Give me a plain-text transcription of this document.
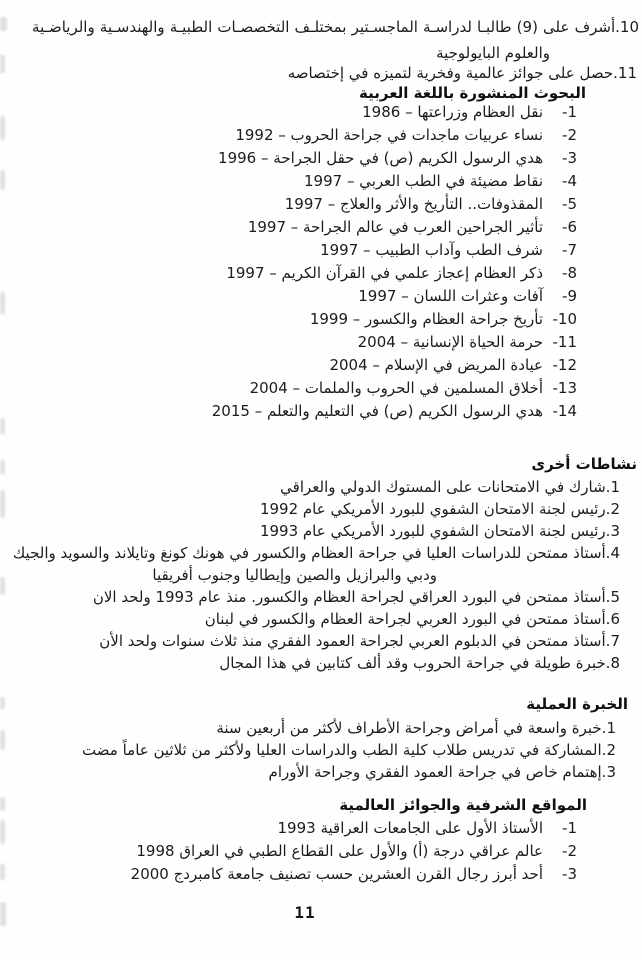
10.أشرف على (9) طالبـا لدراسـة الماجسـتير بمختلـف التخصصـات الطبيـة والهندسـية والرياضـية
والعلوم البايولوجية
11.حصل على جوائز عالمية وفخرية لتميزه في إختصاصه
البحوث المنشورة باللغة العربية
1-
نقل العظام وزراعتها – 1986
2-
نساء عربيات ماجدات في جراحة الحروب – 1992
3-
هدي الرسول الكريم (ص) في حقل الجراحة – 1996
4-
نقاط مضيئة في الطب العربي – 1997
5-
المقذوفات.. التأريخ والأثر والعلاج – 1997
6-
تأثير الجراحين العرب في عالم الجراحة – 1997
7-
شرف الطب وآداب الطبيب – 1997
8-
ذكر العظام إعجاز علمي في القرآن الكريم – 1997
9-
آفات وعثرات اللسان – 1997
10-
تأريخ جراحة العظام والكسور – 1999
11-
حرمة الحياة الإنسانية – 2004
12-
عيادة المريض في الإسلام – 2004
13-
أخلاق المسلمين في الحروب والملمات – 2004
14-
هدي الرسول الكريم (ص) في التعليم والتعلم – 2015
نشاطات أخرى
1.شارك في الامتحانات على المستوك الدولي والعراقي
2.رئيس لجنة الامتحان الشفوي للبورد الأمريكي عام 1992
3.رئيس لجنة الامتحان الشفوي للبورد الأمريكي عام 1993
4.أستاذ ممتحن للدراسات العليا في جراحة العظام والكسور في هونك كونغ وتايلاند والسويد والجيك
ودبي والبرازيل والصين وإيطاليا وجنوب أفريقيا
5.أستاذ ممتحن في البورد العراقي لجراحة العظام والكسور. منذ عام 1993 ولحد الان
6.أستاذ ممتحن في البورد العربي لجراحة العظام والكسور في لبنان
7.أستاذ ممتحن في الدبلوم العربي لجراحة العمود الفقري منذ ثلاث سنوات ولحد الأن
8.خبرة طويلة في جراحة الحروب وقد ألف كتابين في هذا المجال
الخبرة العملية
1.خبرة واسعة في أمراض وجراحة الأطراف لأكثر من أربعين سنة
2.المشاركة في تدريس طلاب كلية الطب والدراسات العليا ولأكثر من ثلاثين عاماً مضت
3.إهتمام خاص في جراحة العمود الفقري وجراحة الأورام
المواقع الشرفية والجوائز العالمية
1-
الأستاذ الأول على الجامعات العراقية 1993
2-
عالم عراقي درجة (أ) والأول على القطاع الطبي في العراق 1998
3-
أحد أبرز رجال القرن العشرين حسب تصنيف جامعة كامبردج 2000
11
